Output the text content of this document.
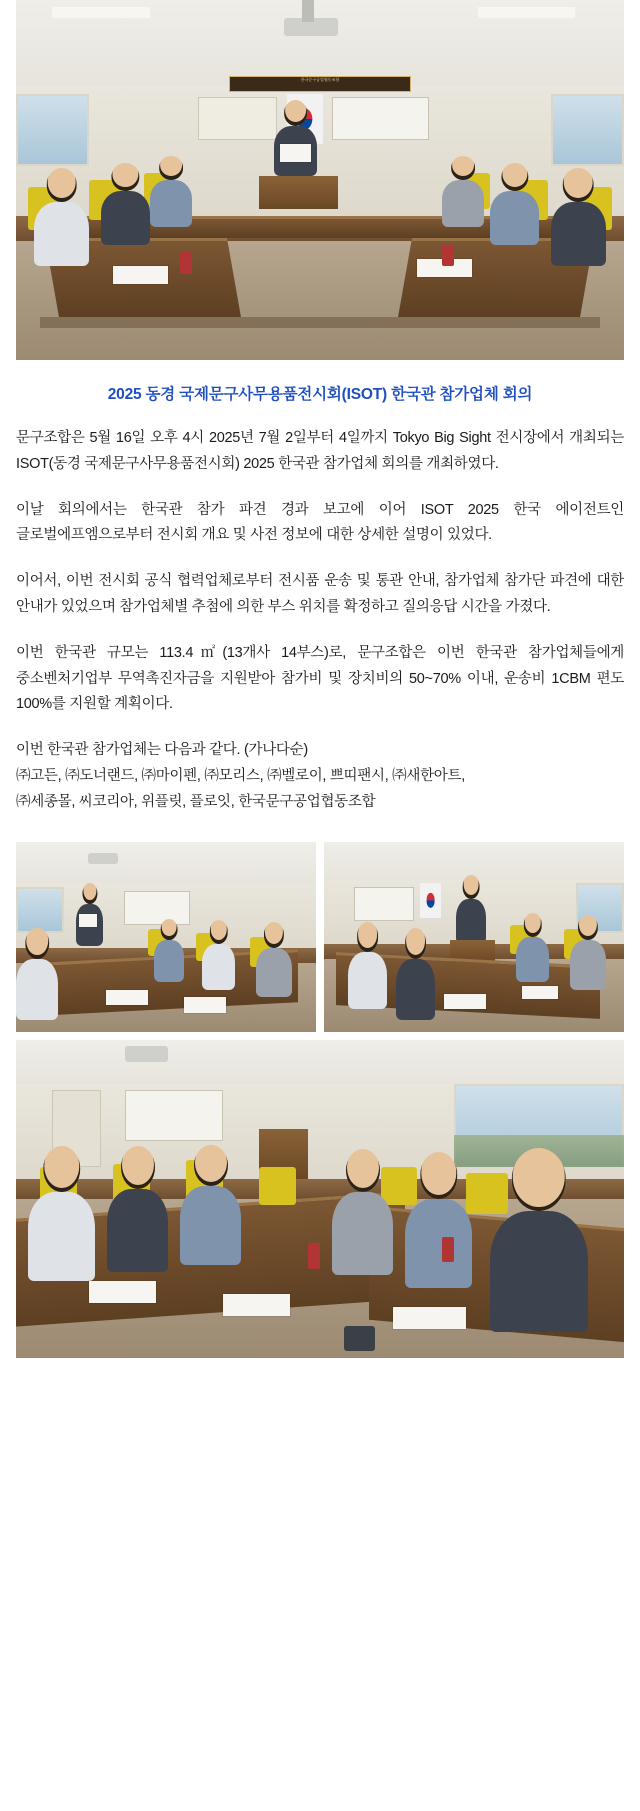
한국문구공업협동조합
2025 동경 국제문구사무용품전시회(ISOT) 한국관 참가업체 회의

문구조합은 5월 16일 오후 4시 2025년 7월 2일부터 4일까지 Tokyo Big Sight 전시장에서 개최되는 ISOT(동경 국제문구사무용품전시회) 2025 한국관 참가업체 회의를 개최하였다.

이날 회의에서는 한국관 참가 파견 경과 보고에 이어 ISOT 2025 한국 에이전트인 글로벌에프엠으로부터 전시회 개요 및 사전 정보에 대한 상세한 설명이 있었다.

이어서, 이번 전시회 공식 협력업체로부터 전시품 운송 및 통관 안내, 참가업체 참가단 파견에 대한 안내가 있었으며 참가업체별 추첨에 의한 부스 위치를 확정하고 질의응답 시간을 가졌다.

이번 한국관 규모는 113.4㎡(13개사 14부스)로, 문구조합은 이번 한국관 참가업체들에게 중소벤처기업부 무역촉진자금을 지원받아 참가비 및 장치비의 50~70% 이내, 운송비 1CBM 편도 100%를 지원할 계획이다.

이번 한국관 참가업체는 다음과 같다. (가나다순)
㈜고든, ㈜도너랜드, ㈜마이펜, ㈜모리스, ㈜벨로이, 쁘띠팬시, ㈜새한아트,
㈜세종몰, 씨코리아, 위플릿, 플로잇, 한국문구공업협동조합
